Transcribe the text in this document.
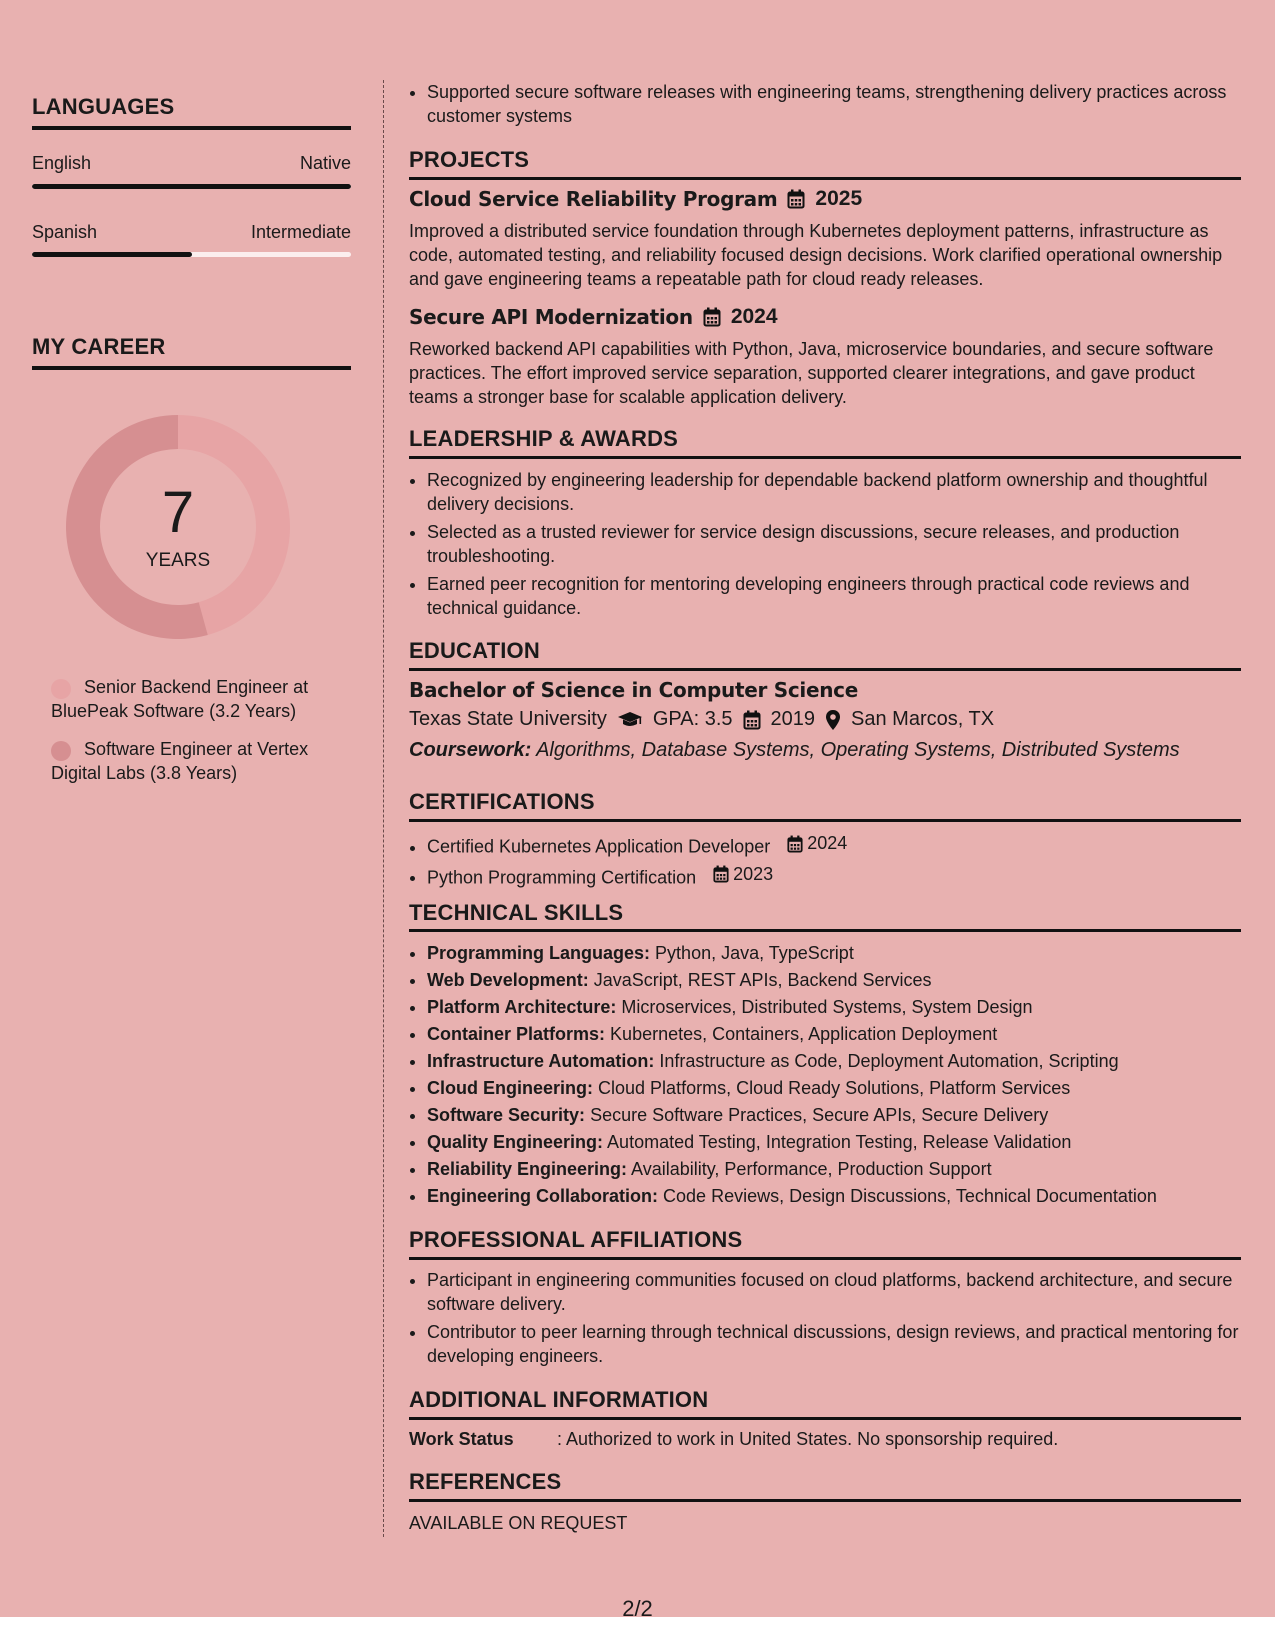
LANGUAGES
English	Native
Spanish	Intermediate
MY CAREER
7
YEARS
Senior Backend Engineer at BluePeak Software (3.2 Years)
Software Engineer at Vertex Digital Labs (3.8 Years)
• Supported secure software releases with engineering teams, strengthening delivery practices across customer systems
PROJECTS
Cloud Service Reliability Program 2025
Improved a distributed service foundation through Kubernetes deployment patterns, infrastructure as code, automated testing, and reliability focused design decisions. Work clarified operational ownership and gave engineering teams a repeatable path for cloud ready releases.
Secure API Modernization 2024
Reworked backend API capabilities with Python, Java, microservice boundaries, and secure software practices. The effort improved service separation, supported clearer integrations, and gave product teams a stronger base for scalable application delivery.
LEADERSHIP & AWARDS
• Recognized by engineering leadership for dependable backend platform ownership and thoughtful delivery decisions.
• Selected as a trusted reviewer for service design discussions, secure releases, and production troubleshooting.
• Earned peer recognition for mentoring developing engineers through practical code reviews and technical guidance.
EDUCATION
Bachelor of Science in Computer Science
Texas State University GPA: 3.5 2019 San Marcos, TX
Coursework: Algorithms, Database Systems, Operating Systems, Distributed Systems
CERTIFICATIONS
• Certified Kubernetes Application Developer 2024
• Python Programming Certification 2023
TECHNICAL SKILLS
• Programming Languages: Python, Java, TypeScript
• Web Development: JavaScript, REST APIs, Backend Services
• Platform Architecture: Microservices, Distributed Systems, System Design
• Container Platforms: Kubernetes, Containers, Application Deployment
• Infrastructure Automation: Infrastructure as Code, Deployment Automation, Scripting
• Cloud Engineering: Cloud Platforms, Cloud Ready Solutions, Platform Services
• Software Security: Secure Software Practices, Secure APIs, Secure Delivery
• Quality Engineering: Automated Testing, Integration Testing, Release Validation
• Reliability Engineering: Availability, Performance, Production Support
• Engineering Collaboration: Code Reviews, Design Discussions, Technical Documentation
PROFESSIONAL AFFILIATIONS
• Participant in engineering communities focused on cloud platforms, backend architecture, and secure software delivery.
• Contributor to peer learning through technical discussions, design reviews, and practical mentoring for developing engineers.
ADDITIONAL INFORMATION
Work Status	: Authorized to work in United States. No sponsorship required.
REFERENCES
AVAILABLE ON REQUEST
2/2
